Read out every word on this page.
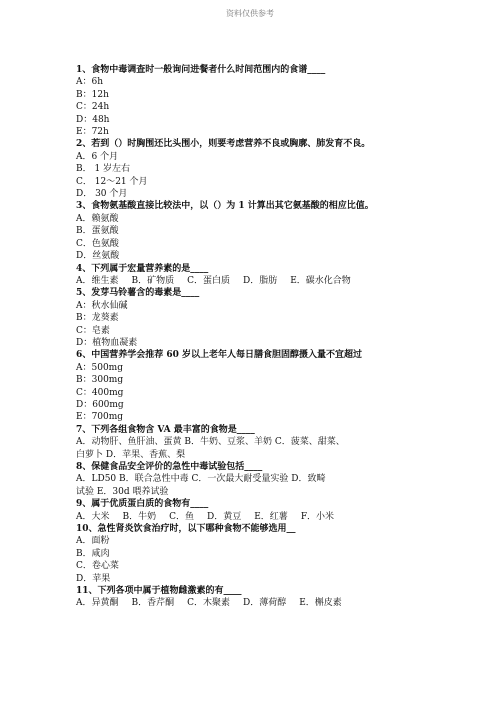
资料仅供参考
1、食物中毒调查时一般询问进餐者什么时间范围内的食谱____
A：6h
B：12h
C：24h
D：48h
E：72h
2、若到（）时胸围还比头围小，则要考虑营养不良或胸廓、肺发育不良。
A．6 个月
B． 1 岁左右
C． 12～21 个月
D． 30 个月
3、食物氨基酸直接比较法中，以（）为 1 计算出其它氨基酸的相应比值。
A．赖氨酸
B．蛋氨酸
C．色氨酸
D．丝氨酸
4、下列属于宏量营养素的是____
A．维生素 B．矿物质 C．蛋白质 D．脂肪 E．碳水化合物
5、发芽马铃薯含的毒素是____
A：秋水仙碱
B：龙葵素
C：皂素
D：植物血凝素
6、中国营养学会推荐 60 岁以上老年人每日膳食胆固醇摄入量不宜超过
A：500mg
B：300mg
C：400mg
D：600mg
E：700mg
7、下列各组食物含 VA 最丰富的食物是____
A．动物肝、鱼肝油、蛋黄 B．牛奶、豆浆、羊奶 C．菠菜、甜菜、
白萝卜 D．苹果、香蕉、梨
8、保健食品安全评价的急性中毒试验包括____
A．LD50 B．联合急性中毒 C．一次最大耐受量实验 D．致畸
试验 E．30d 喂养试验
9、属于优质蛋白质的食物有____
A．大米 B．牛奶 C．鱼 D．黄豆 E．红薯 F．小米
10、急性肾炎饮食治疗时，以下哪种食物不能够选用__
A．面粉
B．咸肉
C．卷心菜
D．苹果
11、下列各项中属于植物雌激素的有____
A．异黄酮 B．香芹酮 C．木聚素 D．薄荷醇 E．槲皮素
